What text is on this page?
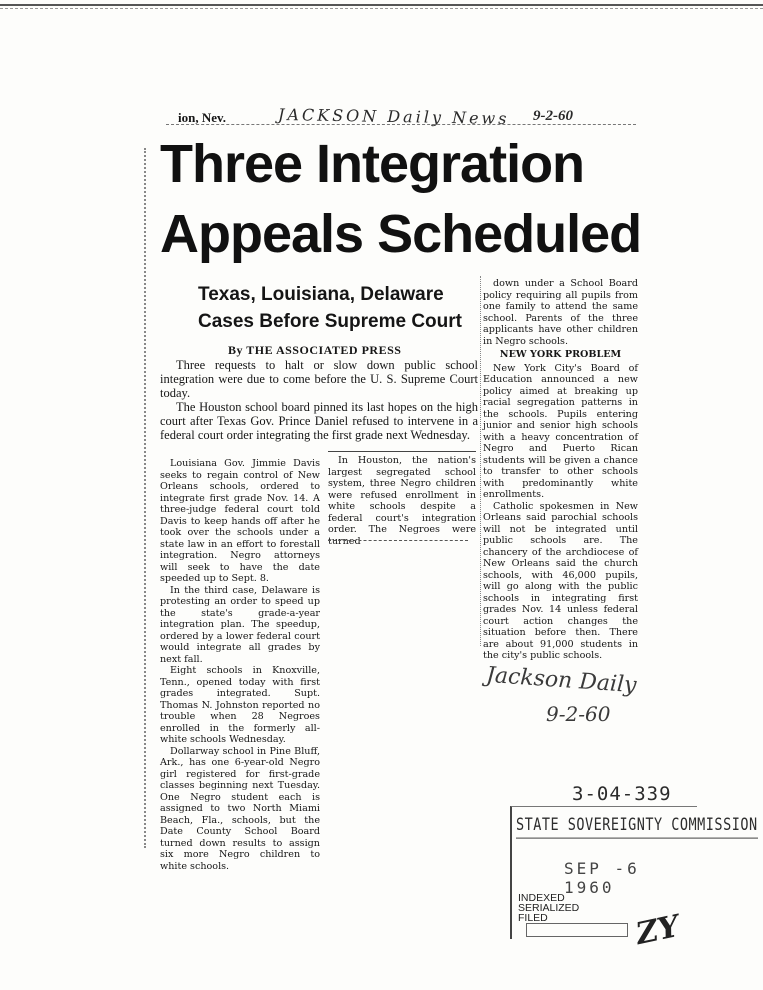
ion, Nev.	JACKSON Daily News 9-2-60
Three Integration
Appeals Scheduled
Texas, Louisiana, Delaware
Cases Before Supreme Court
By THE ASSOCIATED PRESS

Three requests to halt or slow down public school integration were due to come before the U. S. Supreme Court today.

The Houston school board pinned its last hopes on the high court after Texas Gov. Prince Daniel refused to intervene in a federal court order integrating the first grade next Wednesday.

Louisiana Gov. Jimmie Davis seeks to regain control of New Orleans schools, ordered to integrate first grade Nov. 14. A three-judge federal court told Davis to keep hands off after he took over the schools under a state law in an effort to forestall integration. Negro attorneys will seek to have the date speeded up to Sept. 8.

In the third case, Delaware is protesting an order to speed up the state's grade-a-year integration plan. The speedup, ordered by a lower federal court would integrate all grades by next fall.

Eight schools in Knoxville, Tenn., opened today with first grades integrated. Supt. Thomas N. Johnston reported no trouble when 28 Negroes enrolled in the formerly all-white schools Wednesday.

Dollarway school in Pine Bluff, Ark., has one 6-year-old Negro girl registered for first-grade classes beginning next Tuesday. One Negro student each is assigned to two North Miami Beach, Fla., schools, but the Date County School Board turned down results to assign six more Negro children to white schools.

In Houston, the nation's largest segregated school system, three Negro children were refused enrollment in white schools despite a federal court's integration order. The Negroes were turned

down under a School Board policy requiring all pupils from one family to attend the same school. Parents of the three applicants have other children in Negro schools.

NEW YORK PROBLEM

New York City's Board of Education announced a new policy aimed at breaking up racial segregation patterns in the schools. Pupils entering junior and senior high schools with a heavy concentration of Negro and Puerto Rican students will be given a chance to transfer to other schools with predominantly white enrollments.

Catholic spokesmen in New Orleans said parochial schools will not be integrated until public schools are. The chancery of the archdiocese of New Orleans said the church schools, with 46,000 pupils, will go along with the public schools in integrating first grades Nov. 14 unless federal court action changes the situation before then. There are about 91,000 students in the city's public schools.

Jackson Daily
9-2-60
3-04-339
STATE SOVEREIGNTY COMMISSION
SEP -6 1960
INDEXED
SERIALIZED
FILED	ZY
